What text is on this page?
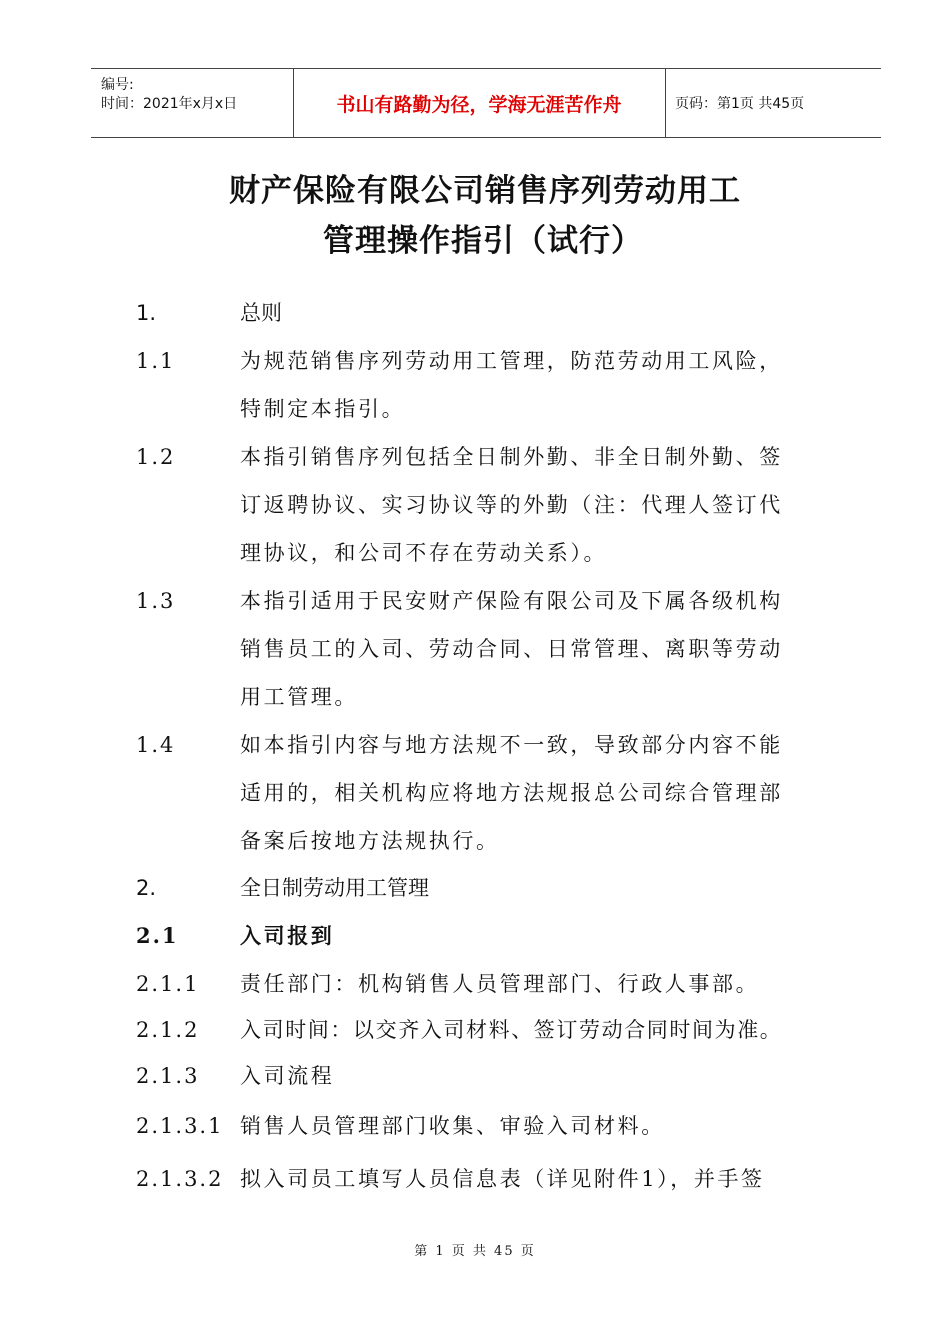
编号:
时间：2021年x月x日	书山有路勤为径，学海无涯苦作舟	页码：第1页 共45页
财产保险有限公司销售序列劳动用工
管理操作指引（试行）
1.	总则
1.1	为规范销售序列劳动用工管理，防范劳动用工风险，
特制定本指引。
1.2	本指引销售序列包括全日制外勤、非全日制外勤、签
订返聘协议、实习协议等的外勤（注：代理人签订代
理协议，和公司不存在劳动关系）。
1.3	本指引适用于民安财产保险有限公司及下属各级机构
销售员工的入司、劳动合同、日常管理、离职等劳动
用工管理。
1.4	如本指引内容与地方法规不一致，导致部分内容不能
适用的，相关机构应将地方法规报总公司综合管理部
备案后按地方法规执行。
2.	全日制劳动用工管理
2.1	入司报到
2.1.1 责任部门：机构销售人员管理部门、行政人事部。
2.1.2 入司时间：以交齐入司材料、签订劳动合同时间为准。
2.1.3 入司流程
2.1.3.1 销售人员管理部门收集、审验入司材料。
2.1.3.2 拟入司员工填写人员信息表（详见附件1），并手签
第 1 页 共 45 页
